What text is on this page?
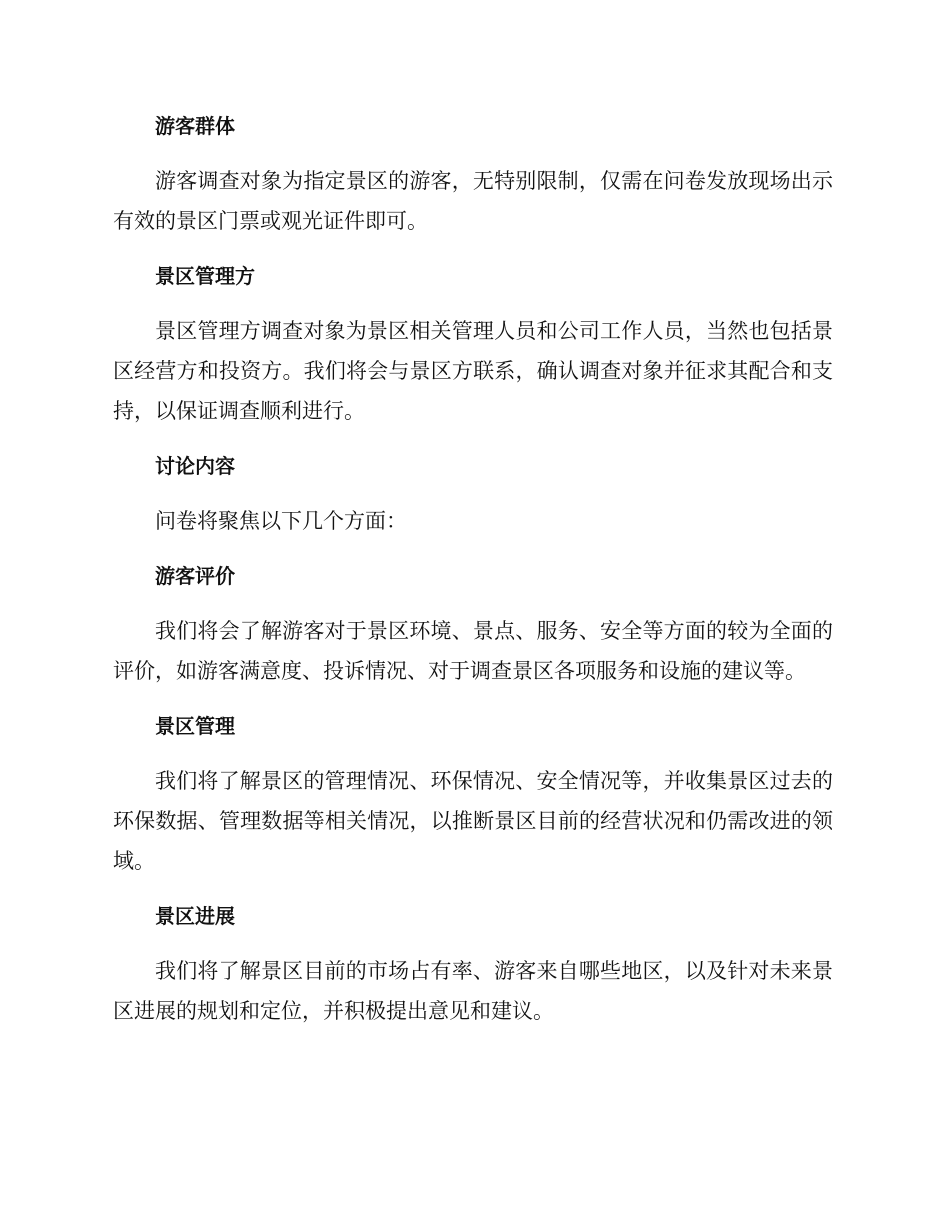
游客群体

游客调查对象为指定景区的游客，无特别限制，仅需在问卷发放现场出示有效的景区门票或观光证件即可。

景区管理方

景区管理方调查对象为景区相关管理人员和公司工作人员，当然也包括景区经营方和投资方。我们将会与景区方联系，确认调查对象并征求其配合和支持，以保证调查顺利进行。

讨论内容

问卷将聚焦以下几个方面：

游客评价

我们将会了解游客对于景区环境、景点、服务、安全等方面的较为全面的评价，如游客满意度、投诉情况、对于调查景区各项服务和设施的建议等。

景区管理

我们将了解景区的管理情况、环保情况、安全情况等，并收集景区过去的环保数据、管理数据等相关情况，以推断景区目前的经营状况和仍需改进的领域。

景区进展

我们将了解景区目前的市场占有率、游客来自哪些地区，以及针对未来景区进展的规划和定位，并积极提出意见和建议。
